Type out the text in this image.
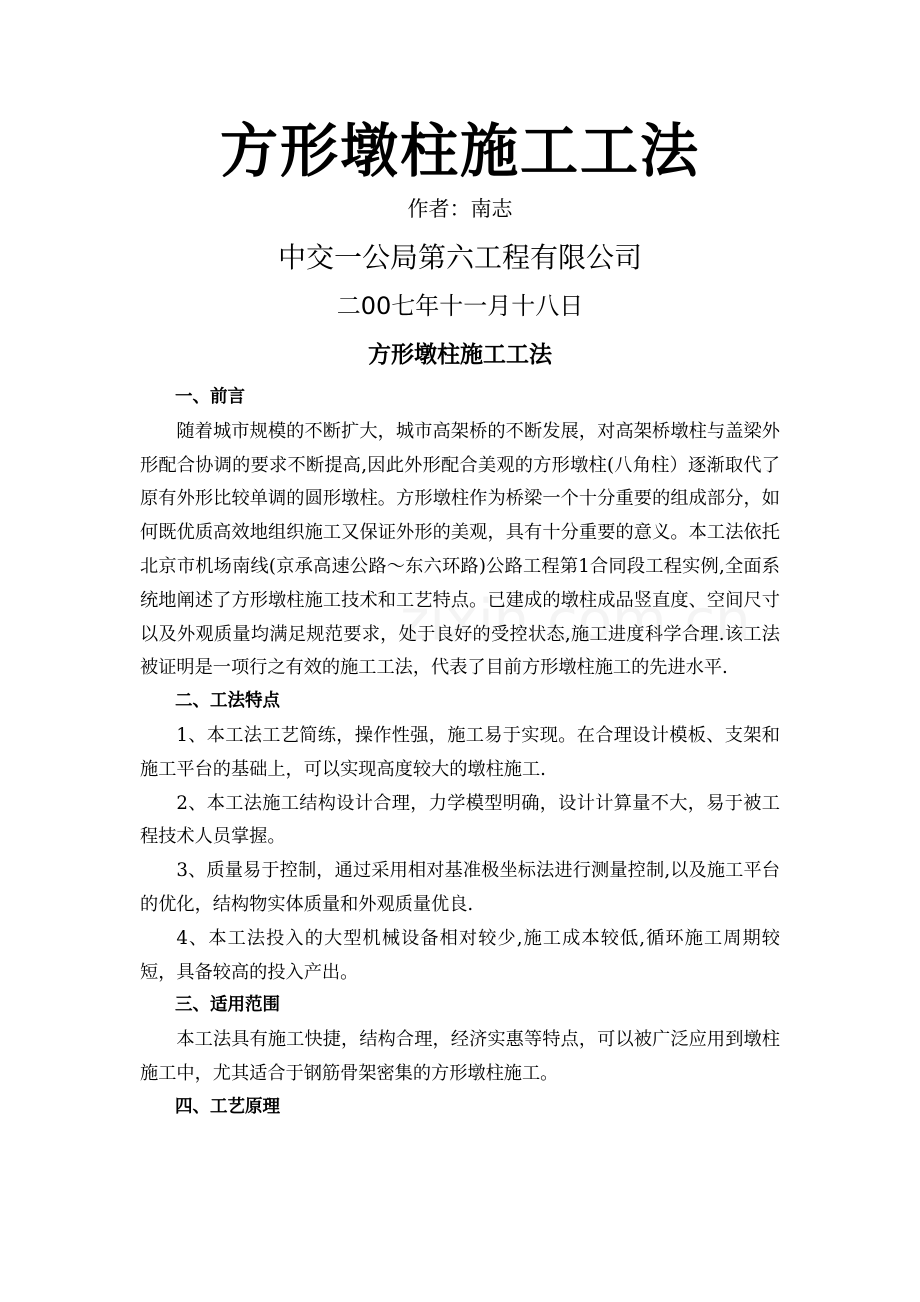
方形墩柱施工工法
作者：南志
中交一公局第六工程有限公司
二00七年十一月十八日
方形墩柱施工工法
一、前言

随着城市规模的不断扩大，城市高架桥的不断发展，对高架桥墩柱与盖梁外形配合协调的要求不断提高,因此外形配合美观的方形墩柱(八角柱）逐渐取代了原有外形比较单调的圆形墩柱。方形墩柱作为桥梁一个十分重要的组成部分，如何既优质高效地组织施工又保证外形的美观，具有十分重要的意义。本工法依托北京市机场南线(京承高速公路～东六环路)公路工程第1合同段工程实例,全面系统地阐述了方形墩柱施工技术和工艺特点。已建成的墩柱成品竖直度、空间尺寸以及外观质量均满足规范要求，处于良好的受控状态,施工进度科学合理.该工法被证明是一项行之有效的施工工法，代表了目前方形墩柱施工的先进水平.

二、工法特点

1、本工法工艺简练，操作性强，施工易于实现。在合理设计模板、支架和施工平台的基础上，可以实现高度较大的墩柱施工.

2、本工法施工结构设计合理，力学模型明确，设计计算量不大，易于被工程技术人员掌握。

3、质量易于控制，通过采用相对基准极坐标法进行测量控制,以及施工平台的优化，结构物实体质量和外观质量优良.

4、本工法投入的大型机械设备相对较少,施工成本较低,循环施工周期较短，具备较高的投入产出。

三、适用范围

本工法具有施工快捷，结构合理，经济实惠等特点，可以被广泛应用到墩柱施工中，尤其适合于钢筋骨架密集的方形墩柱施工。

四、工艺原理
